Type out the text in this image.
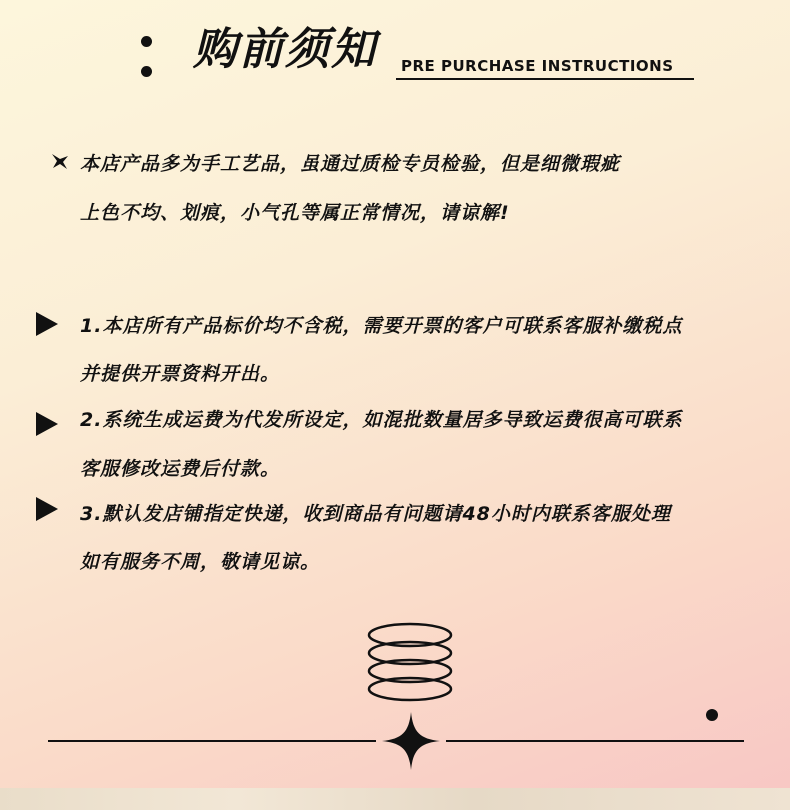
购前须知 PRE PURCHASE INSTRUCTIONS
本店产品多为手工艺品，虽通过质检专员检验，但是细微瑕疵
上色不均、划痕，小气孔等属正常情况，请谅解!
1.本店所有产品标价均不含税，需要开票的客户可联系客服补缴税点
并提供开票资料开出。
2.系统生成运费为代发所设定，如混批数量居多导致运费很高可联系
客服修改运费后付款。
3.默认发店铺指定快递，收到商品有问题请48小时内联系客服处理
如有服务不周，敬请见谅。
